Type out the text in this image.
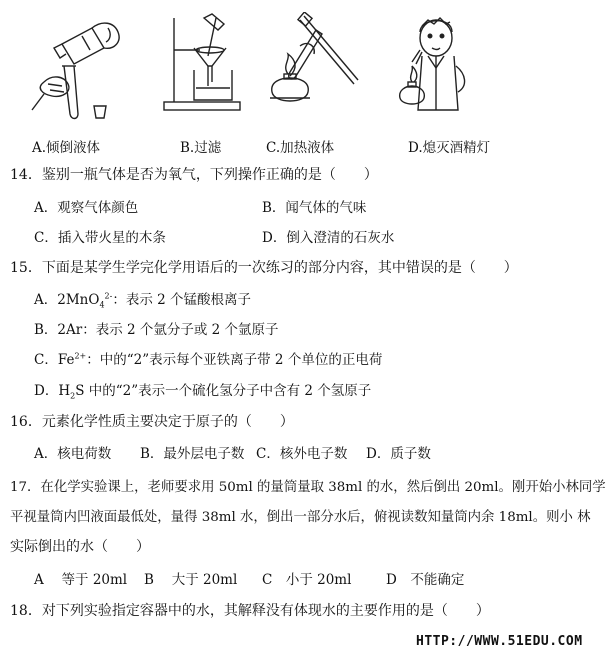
A.倾倒液体	B.过滤	C.加热液体	D.熄灭酒精灯
14．鉴别一瓶气体是否为氧气，下列操作正确的是（　　）
A．观察气体颜色	B．闻气体的气味
C．插入带火星的木条	D．倒入澄清的石灰水
15．下面是某学生学完化学用语后的一次练习的部分内容，其中错误的是（　　）
A．2MnO$_4^{2-}$：表示 2 个锰酸根离子
B．2Ar：表示 2 个氩分子或 2 个氩原子
C．$Fe^{2+}$：中的“2”表示每个亚铁离子带 2 个单位的正电荷
D．$H_2S$ 中的“2”表示一个硫化氢分子中含有 2 个氢原子
16．元素化学性质主要决定于原子的（　　）
A．核电荷数 B．最外层电子数 C．核外电子数 D．质子数
17．在化学实验课上，老师要求用 50ml 的量筒量取 38ml 的水，然后倒出 20ml。刚开始小林同学
平视量筒内凹液面最低处，量得 38ml 水，倒出一部分水后，俯视读数知量筒内余 18ml。则小 林
实际倒出的水（　　）
A　 等于 20ml B　 大于 20ml C　小于 20ml	D　不能确定
18．对下列实验指定容器中的水，其解释没有体现水的主要作用的是（　　）
HTTP://WWW.51EDU.COM
